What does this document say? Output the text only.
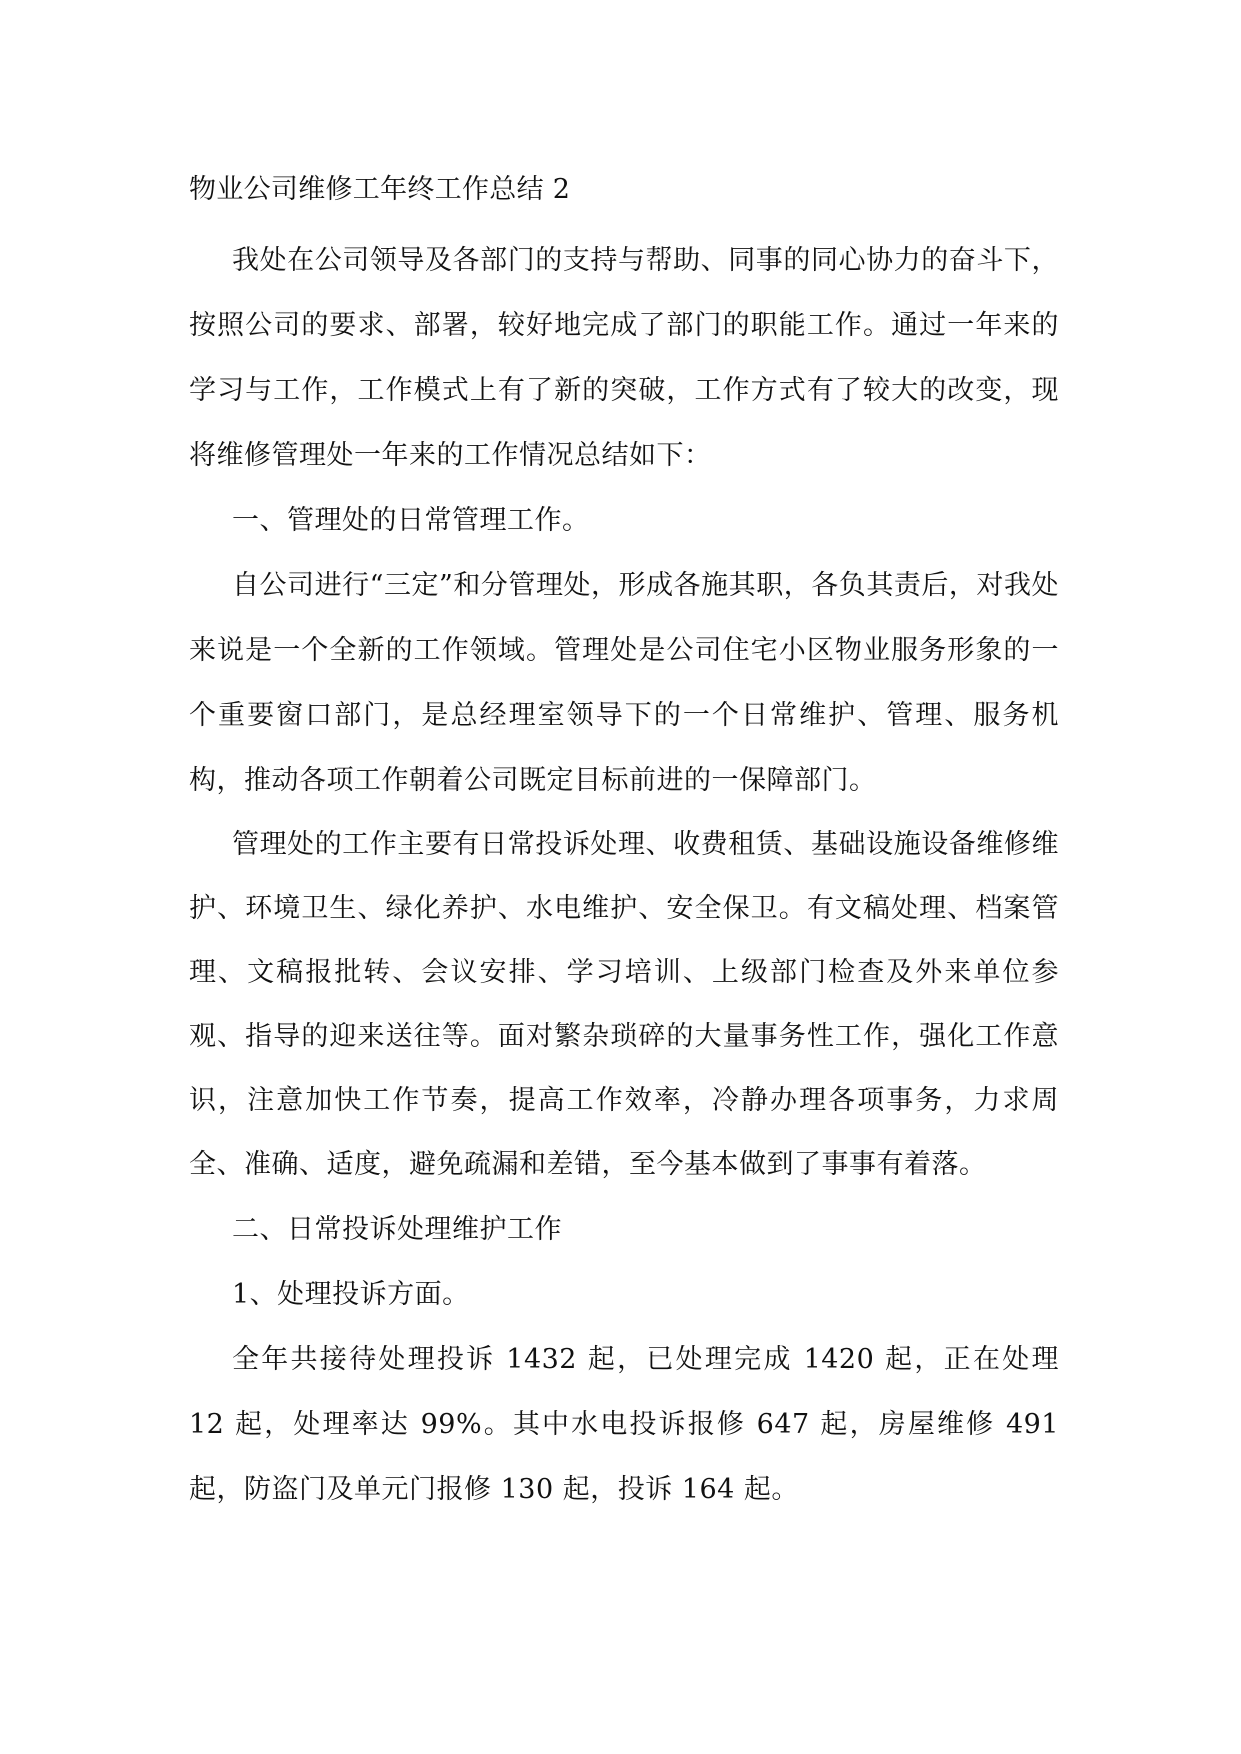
物业公司维修工年终工作总结 2

我处在公司领导及各部门的支持与帮助、同事的同心协力的奋斗下，按照公司的要求、部署，较好地完成了部门的职能工作。通过一年来的学习与工作，工作模式上有了新的突破，工作方式有了较大的改变，现将维修管理处一年来的工作情况总结如下：

一、管理处的日常管理工作。

自公司进行“三定”和分管理处，形成各施其职，各负其责后，对我处来说是一个全新的工作领域。管理处是公司住宅小区物业服务形象的一个重要窗口部门，是总经理室领导下的一个日常维护、管理、服务机构，推动各项工作朝着公司既定目标前进的一保障部门。

管理处的工作主要有日常投诉处理、收费租赁、基础设施设备维修维护、环境卫生、绿化养护、水电维护、安全保卫。有文稿处理、档案管理、文稿报批转、会议安排、学习培训、上级部门检查及外来单位参观、指导的迎来送往等。面对繁杂琐碎的大量事务性工作，强化工作意识，注意加快工作节奏，提高工作效率，冷静办理各项事务，力求周全、准确、适度，避免疏漏和差错，至今基本做到了事事有着落。

二、日常投诉处理维护工作

1、处理投诉方面。

全年共接待处理投诉 1432 起，已处理完成 1420 起，正在处理 12 起，处理率达 99%。其中水电投诉报修 647 起，房屋维修 491 起，防盗门及单元门报修 130 起，投诉 164 起。
